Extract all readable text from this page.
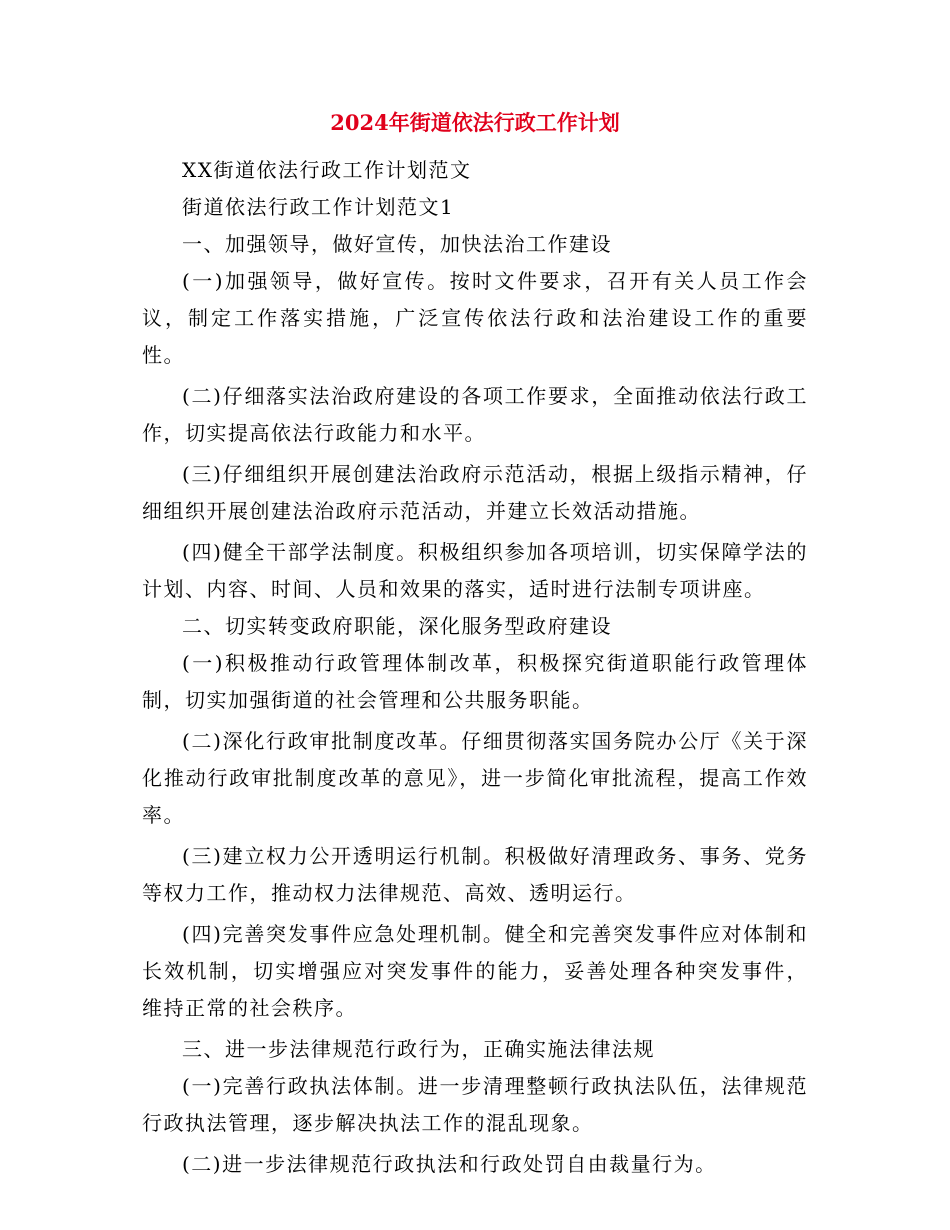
2024年街道依法行政工作计划

XX街道依法行政工作计划范文

街道依法行政工作计划范文1

一、加强领导，做好宣传，加快法治工作建设

(一)加强领导，做好宣传。按时文件要求，召开有关人员工作会议，制定工作落实措施，广泛宣传依法行政和法治建设工作的重要性。

(二)仔细落实法治政府建设的各项工作要求，全面推动依法行政工作，切实提高依法行政能力和水平。

(三)仔细组织开展创建法治政府示范活动，根据上级指示精神，仔细组织开展创建法治政府示范活动，并建立长效活动措施。

(四)健全干部学法制度。积极组织参加各项培训，切实保障学法的计划、内容、时间、人员和效果的落实，适时进行法制专项讲座。

二、切实转变政府职能，深化服务型政府建设

(一)积极推动行政管理体制改革，积极探究街道职能行政管理体制，切实加强街道的社会管理和公共服务职能。

(二)深化行政审批制度改革。仔细贯彻落实国务院办公厅《关于深化推动行政审批制度改革的意见》，进一步简化审批流程，提高工作效率。

(三)建立权力公开透明运行机制。积极做好清理政务、事务、党务等权力工作，推动权力法律规范、高效、透明运行。

(四)完善突发事件应急处理机制。健全和完善突发事件应对体制和长效机制，切实增强应对突发事件的能力，妥善处理各种突发事件，维持正常的社会秩序。

三、进一步法律规范行政行为，正确实施法律法规

(一)完善行政执法体制。进一步清理整顿行政执法队伍，法律规范行政执法管理，逐步解决执法工作的混乱现象。

(二)进一步法律规范行政执法和行政处罚自由裁量行为。
